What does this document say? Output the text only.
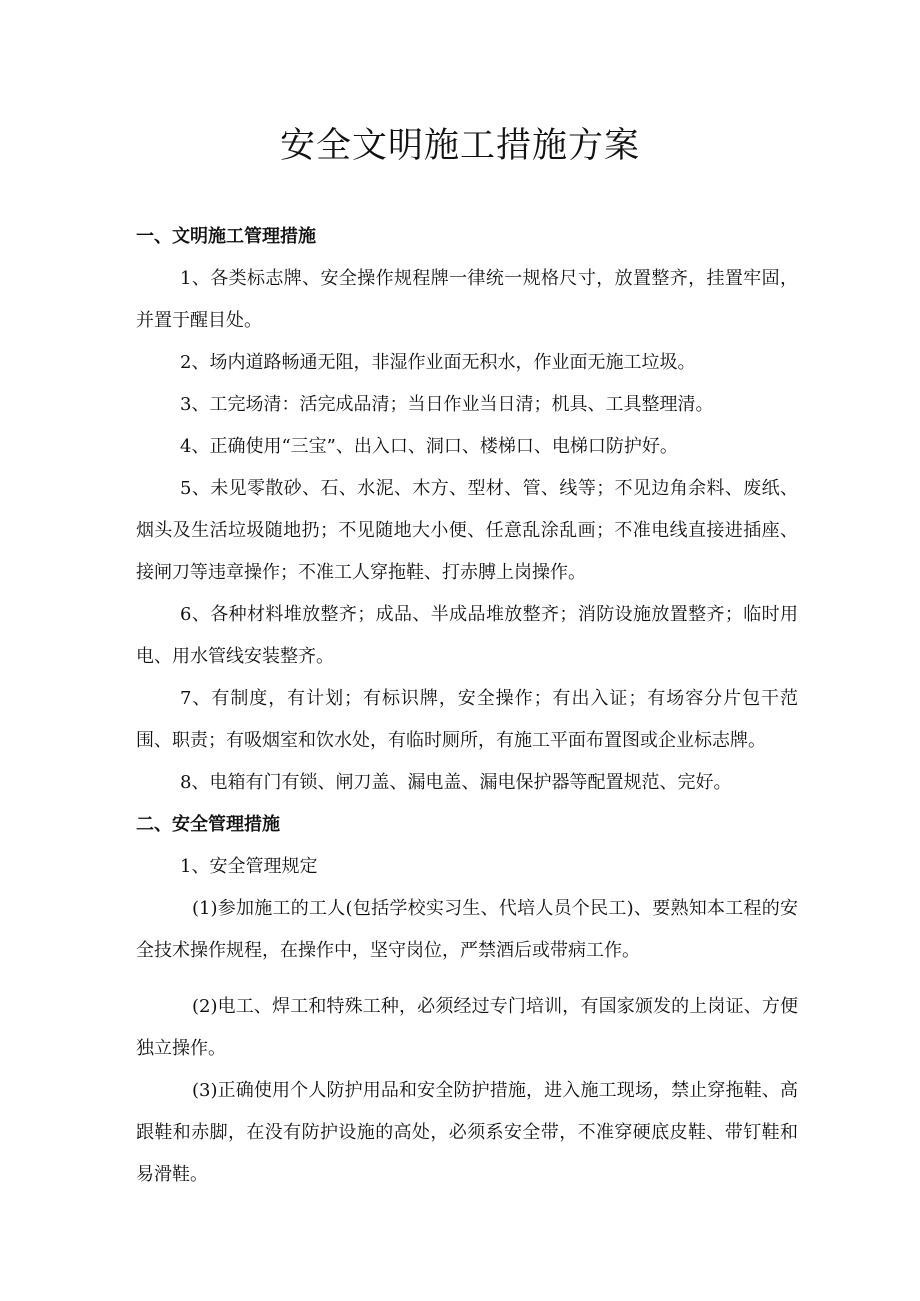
安全文明施工措施方案

一、文明施工管理措施

1、各类标志牌、安全操作规程牌一律统一规格尺寸，放置整齐，挂置牢固，并置于醒目处。

2、场内道路畅通无阻，非湿作业面无积水，作业面无施工垃圾。

3、工完场清：活完成品清；当日作业当日清；机具、工具整理清。

4、正确使用“三宝”、出入口、洞口、楼梯口、电梯口防护好。

5、未见零散砂、石、水泥、木方、型材、管、线等；不见边角余料、废纸、烟头及生活垃圾随地扔；不见随地大小便、任意乱涂乱画；不准电线直接进插座、接闸刀等违章操作；不准工人穿拖鞋、打赤膊上岗操作。

6、各种材料堆放整齐；成品、半成品堆放整齐；消防设施放置整齐；临时用电、用水管线安装整齐。

7、有制度，有计划；有标识牌，安全操作；有出入证；有场容分片包干范围、职责；有吸烟室和饮水处，有临时厕所，有施工平面布置图或企业标志牌。

8、电箱有门有锁、闸刀盖、漏电盖、漏电保护器等配置规范、完好。

二、安全管理措施

1、安全管理规定

(1)参加施工的工人(包括学校实习生、代培人员个民工)、要熟知本工程的安全技术操作规程，在操作中，坚守岗位，严禁酒后或带病工作。

(2)电工、焊工和特殊工种，必须经过专门培训，有国家颁发的上岗证、方便独立操作。

(3)正确使用个人防护用品和安全防护措施，进入施工现场，禁止穿拖鞋、高跟鞋和赤脚，在没有防护设施的高处，必须系安全带，不准穿硬底皮鞋、带钉鞋和易滑鞋。
